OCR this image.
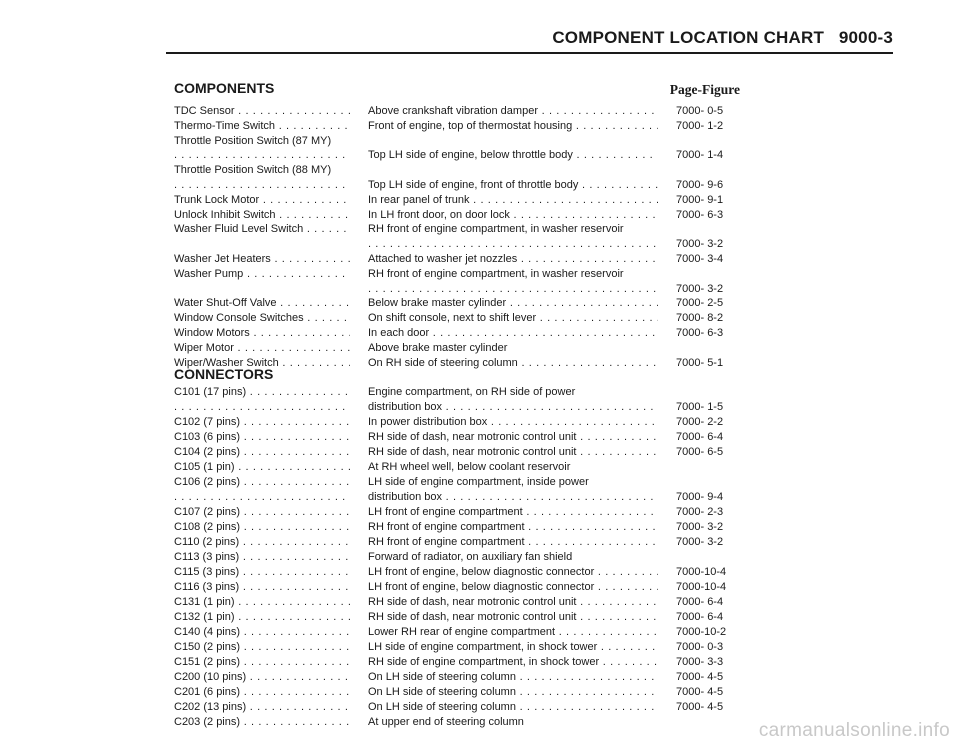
COMPONENT LOCATION CHART 9000-3
COMPONENTS	Page-Figure
TDC Sensor . . .	Above crankshaft vibration damper . . .	7000- 0-5
Thermo-Time Switch . . .	Front of engine, top of thermostat housing . . .	7000- 1-2
Throttle Position Switch (87 MY)
. . .
Top LH side of engine, below throttle body . . .	7000- 1-4
Throttle Position Switch (88 MY)
. . .
Top LH side of engine, front of throttle body . . .	7000- 9-6
Trunk Lock Motor . . .	In rear panel of trunk . . .	7000- 9-1
Unlock Inhibit Switch . . .	In LH front door, on door lock . . .	7000- 6-3
Washer Fluid Level Switch . . .	RH front of engine compartment, in washer reservoir
. . .
7000- 3-2
Washer Jet Heaters . . .	Attached to washer jet nozzles . . .	7000- 3-4
Washer Pump . . .	RH front of engine compartment, in washer reservoir
. . .
7000- 3-2
Water Shut-Off Valve . . .	Below brake master cylinder . . .	7000- 2-5
Window Console Switches . . .	On shift console, next to shift lever . . .	7000- 8-2
Window Motors . . .	In each door . . .	7000- 6-3
Wiper Motor . . .	Above brake master cylinder
Wiper/Washer Switch . . .	On RH side of steering column . . .	7000- 5-1
CONNECTORS
C101 (17 pins) . . .	Engine compartment, on RH side of power
. . .
distribution box . . .	7000- 1-5
C102 (7 pins) . . .	In power distribution box . . .	7000- 2-2
C103 (6 pins) . . .	RH side of dash, near motronic control unit . . .	7000- 6-4
C104 (2 pins) . . .	RH side of dash, near motronic control unit . . .	7000- 6-5
C105 (1 pin) . . .	At RH wheel well, below coolant reservoir
C106 (2 pins) . . .	LH side of engine compartment, inside power
. . .
distribution box . . .	7000- 9-4
C107 (2 pins) . . .	LH front of engine compartment . . .	7000- 2-3
C108 (2 pins) . . .	RH front of engine compartment . . .	7000- 3-2
C110 (2 pins) . . .	RH front of engine compartment . . .	7000- 3-2
C113 (3 pins) . . .	Forward of radiator, on auxiliary fan shield
C115 (3 pins) . . .	LH front of engine, below diagnostic connector . . .	7000-10-4
C116 (3 pins) . . .	LH front of engine, below diagnostic connector . . .	7000-10-4
C131 (1 pin) . . .	RH side of dash, near motronic control unit . . .	7000- 6-4
C132 (1 pin) . . .	RH side of dash, near motronic control unit . . .	7000- 6-4
C140 (4 pins) . . .	Lower RH rear of engine compartment . . .	7000-10-2
C150 (2 pins) . . .	LH side of engine compartment, in shock tower . . .	7000- 0-3
C151 (2 pins) . . .	RH side of engine compartment, in shock tower . . .	7000- 3-3
C200 (10 pins) . . .	On LH side of steering column . . .	7000- 4-5
C201 (6 pins) . . .	On LH side of steering column . . .	7000- 4-5
C202 (13 pins) . . .	On LH side of steering column . . .	7000- 4-5
C203 (2 pins) . . .	At upper end of steering column	carmanualsonline.info
